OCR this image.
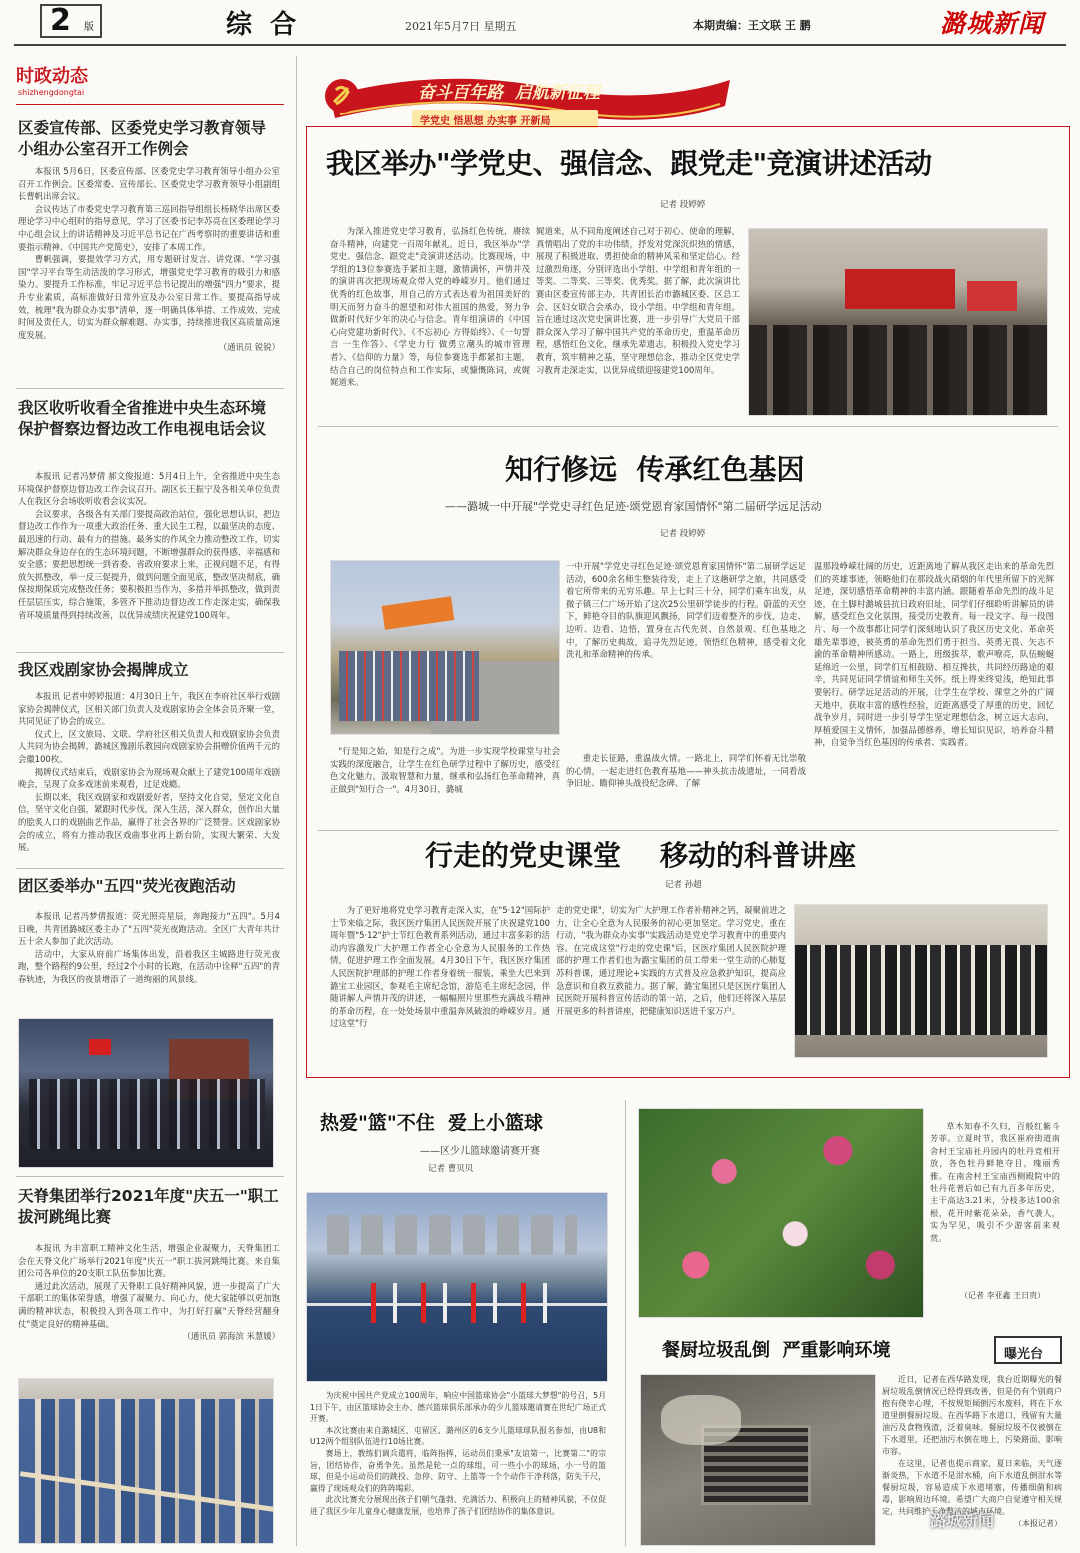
2 版	综  合	2021年5月7日 星期五	本期责编：王文联 王 鹏	潞城新闻
时政动态
shizhengdongtai
区委宣传部、区委党史学习教育领导小组办公室召开工作例会

本报讯 5月6日，区委宣传部、区委党史学习教育领导小组办公室召开工作例会。区委常委、宣传部长、区委党史学习教育领导小组副组长曹帆出席会议。

会议传达了市委党史学习教育第三巡回指导组组长杨晓华出席区委理论学习中心组时的指导意见，学习了区委书记李苏亮在区委理论学习中心组会议上的讲话精神及习近平总书记在广西考察时的重要讲话和重要指示精神、《中国共产党简史》，安排了本周工作。

曹帆强调，要提效学习方式，用专题研讨发言、讲党课、"学习强国"学习平台等生动活泼的学习形式，增强党史学习教育的吸引力和感染力。要提升工作标准，牢记习近平总书记提出的增强"四力"要求，提升专业素质，高标准做好日常外宣及办公室日常工作。要提高指导成效，梳理"我为群众办实事"清单，逐一明确具体举措、工作成效、完成时间及责任人，切实为群众解难题、办实事，持续推进我区高质量高速度发展。

（通讯员 锐锐）

我区收听收看全省推进中央生态环境保护督察边督边改工作电视电话会议

本报讯 记者冯梦倩 郝文俊报道：5月4日上午，全省推进中央生态环境保护督察边督边改工作会议召开。副区长王振宁及各相关单位负责人在我区分会场收听收看会议实况。

会议要求，各级各有关部门要提高政治站位，强化思想认识，把边督边改工作作为一项重大政治任务、重大民生工程，以最坚决的态度、最迅速的行动、最有力的措施、最务实的作风全力推动整改工作，切实解决群众身边存在的生态环境问题，不断增强群众的获得感、幸福感和安全感；要把思想统一到省委、省政府要求上来，正视问题不足，有得放矢抓整改，举一反三促提升，做到问题全面见底，整改坚决彻底，确保按期保质完成整改任务；要积极担当作为，多措并举抓整改，做到责任层层压实，综合施策，多管齐下推动边督边改工作走深走实，确保我省环境质量得到持续改善，以优异成绩庆祝建党100周年。

我区戏剧家协会揭牌成立

本报讯 记者申婷婷报道：4月30日上午，我区在李府社区举行戏剧家协会揭牌仪式，区相关部门负责人及戏剧家协会全体会员齐聚一堂，共同见证了协会的成立。

仪式上，区文旅局、文联、学府社区相关负责人和戏剧家协会负责人共同为协会揭牌，潞城区豫剧乐教园向戏剧家协会捐赠价值两千元的会徽100枚。

揭牌仪式结束后，戏剧家协会为现场观众献上了建党100周年戏剧晚会，呈现了众多戏迷前来观看，过足戏瘾。

长期以来，我区戏剧家和戏剧爱好者，坚持文化自觉，坚定文化自信，坚守文化自强，紧跟时代步伐，深入生活，深入群众，创作出大量的脍炙人口的戏剧曲艺作品，赢得了社会各界的广泛赞誉。区戏剧家协会的成立，将有力推动我区戏曲事业再上新台阶，实现大繁荣、大发展。

团区委举办"五四"荧光夜跑活动

本报讯 记者冯梦倩报道：荧光照亮星辰，奔跑接力"五四"。5月4日晚，共青团潞城区委主办了"五四"荧光夜跑活动。全区广大青年共计五十余人参加了此次活动。

活动中，大家从府前广场集体出发，沿着我区主城路进行荧光夜跑，整个路程约9公里，经过2个小时的长跑，在活动中诠释"五四"的青春轨迹，为我区的夜景增添了一道绚丽的风景线。

天脊集团举行2021年度"庆五一"职工拔河跳绳比赛

本报讯 为丰富职工精神文化生活，增强企业凝聚力，天脊集团工会在天脊文化广场举行2021年度"庆五一"职工拔河跳绳比赛。来自集团公司各单位的20支职工队伍参加比赛。

通过此次活动，展现了天脊职工良好精神风貌，进一步提高了广大干部职工的集体荣誉感，增强了凝聚力、向心力，使大家能够以更加饱满的精神状态，积极投入到各项工作中，为打好打赢"天脊经营翻身仗"奠定良好的精神基础。

（通讯员 郭海滨 米慧媛）

奋斗百年路  启航新征程
学党史 悟思想 办实事 开新局
我区举办"学党史、强信念、跟党走"竞演讲述活动
记者 段婷婷
为深入推进党史学习教育，弘扬红色传统，赓续奋斗精神，向建党一百周年献礼。近日，我区举办"学党史、强信念、跟党走"竞演讲述活动。比赛现场，中学组的13位参赛选手紧扣主题，激情满怀，声情并茂的演讲再次把现场观众带入党的峥嵘岁月。他们通过优秀的红色故事，用自己的方式表达着为祖国美好的明天而努力奋斗的愿望和对伟大祖国的热爱，努力争做新时代好少年的决心与信念。青年组演讲的《中国心向党建功新时代》、《不忘初心 方得始终》、《一句誓言 一生作答》、《学史力行 做勇立潮头的城市管理者》、《信仰的力量》等，每位参赛选手都紧扣主题，结合自己的岗位特点和工作实际，或慷慨陈词，或娓娓道来。
娓道来，从不同角度阐述自己对于初心、使命的理解，真情唱出了党的丰功伟绩，抒发对党深沉炽热的情感，展现了积极进取、勇担使命的精神风采和坚定信心。经过激烈角逐，分别评选出小学组、中学组和青年组的一等奖、二等奖、三等奖、优秀奖。据了解，此次演讲比赛由区委宣传部主办，共青团长治市潞城区委、区总工会、区妇女联合会承办，设小学组、中学组和青年组。旨在通过这次党史演讲比赛，进一步引导广大党员干部群众深入学习了解中国共产党的革命历史，重温革命历程，感悟红色文化，继承先辈遗志，积极投入党史学习教育，筑牢精神之基，坚守理想信念，推动全区党史学习教育走深走实，以优异成绩迎接建党100周年。
知行修远  传承红色基因
——潞城一中开展"学党史寻红色足迹·颂党恩育家国情怀"第二届研学远足活动
记者 段婷婷
一中开展"学党史寻红色足迹·颂党恩育家国情怀"第二届研学远足活动，600余名师生整装待发，走上了这趟研学之旅，共同感受着它所带来的无穷乐趣。早上七时三十分，同学们乘车出发，从微子镇三仁广场开始了这次25公里研学徒步的行程。蔚蓝的天空下，鲜艳夺目的队旗迎风飘扬，同学们迈着整齐的步伐，边走、边听、边看、边悟，置身在古代先贤、自然景观、红色基地之中，了解历史典故，追寻先烈足迹，领悟红色精神，感受着文化洗礼和革命精神的传承。
"行是知之始，知是行之成"。为进一步实现学校课堂与社会实践的深度融合，让学生在红色研学过程中了解历史，感受红色文化魅力，汲取智慧和力量，继承和弘扬红色革命精神，真正做到"知行合一"。4月30日，潞城
重走长征路，重温战火情。一路北上，同学们怀着无比崇敬的心情，一起走进红色教育基地——神头抗击战遗址，一同看战争旧址、瞻仰神头战役纪念碑、了解
温那段峥嵘壮阔的历史，近距离地了解从我区走出来的革命先烈们的英雄事迹，领略他们在那段战火硝烟的年代里所留下的光辉足迹，深切感悟革命精神的丰富内涵。跟随着革命先烈的战斗足迹，在土脚村潞城县抗日政府旧址，同学们仔细聆听讲解员的讲解，感受红色文化氛围，接受历史教育。每一段文字、每一段图片、每一个故事都让同学们深刻地认识了我区历史文化、革命英雄先辈事迹，被英勇的革命先烈们勇于担当、英勇无畏、矢志不渝的革命精神所感动。一路上，班级拔萃，歌声嘹亮，队伍蜿蜒延绵近一公里，同学们互相鼓励、相互搀扶，共同经历路途的艰辛，共同见证同学情谊和师生关怀。纸上得来终觉浅，绝知此事要躬行。研学远足活动的开展，让学生在学校、课堂之外的广阔天地中，获取丰富的感性经验，近距离感受了厚重的历史，回忆战争岁月，同时进一步引导学生坚定理想信念，树立远大志向，厚植爱国主义情怀，加强品德修养，增长知识见识，培养奋斗精神，自觉争当红色基因的传承者、实践者。
行走的党史课堂    移动的科普讲座
记者 孙超
为了更好地将党史学习教育走深入实，在"5·12"国际护士节来临之际，我区医疗集团人民医院开展了庆祝建党100周年暨"5·12"护士节红色教育系列活动，通过丰富多彩的活动内容激发广大护理工作者全心全意为人民服务的工作热情，促进护理工作全面发展。4月30日下午，我区医疗集团人民医院护理部的护理工作者身着统一服装，乘坐大巴来到潞宝工业园区，参观毛主席纪念馆，游览毛主席纪念园，伴随讲解人声情并茂的讲述，一幅幅照片里那些充满战斗精神的革命历程，在一处处场景中重温奔风破浪的峥嵘岁月。通过这堂"行
走的党史课"，切实为广大护理工作者补精神之钙，凝聚前进之力，让全心全意为人民服务的初心更加坚定。学习党史，重在行动，"我为群众办实事"实践活动是党史学习教育中的重要内容。在完成这堂"行走的党史课"后，区医疗集团人民医院护理部的护理工作者们也为潞宝集团的员工带来一堂生动的心肺复苏科普课，通过理论+实践的方式普及应急救护知识，提高应急意识和自救互救能力。据了解，潞宝集团只是区医疗集团人民医院开展科普宣传活动的第一站，之后，他们还将深入基层开展更多的科普讲座，把健康知识送进千家万户。
热爱"篮"不住  爱上小篮球
——区少儿篮球邀请赛开赛
记者 曹贝贝

为庆祝中国共产党成立100周年，响应中国篮球协会"小篮球大梦想"的号召，5月1日下午，由区篮球协会主办、德兴篮球俱乐部承办的少儿篮球邀请赛在世纪广场正式开赛。

本次比赛由来自潞城区、屯留区、潞州区的6支少儿篮球球队报名参加，由U8和U12两个组别队伍进行10场比赛。

赛场上，教练们调兵遣将，临阵指挥，运动员们秉承"友谊第一，比赛第二"的宗旨，团结协作，奋勇争先。虽然是轮一点的球组，可一些小小的球场，小一号的篮球，但是小运动员们的跳投、急停、防守、上篮等一个个动作干净利落，防失干尺，赢得了现场观众们的阵阵喝彩。

此次比赛充分展现出孩子们朝气蓬勃、充满活力、积极向上的精神风貌，不仅促进了我区少年儿童身心健康发展，也培养了孩子们团结协作的集体意识。

草木知春不久归，百般红紫斗芳菲。立夏时节，我区崔府街道南舍村王宝庙社丹园内的牡丹竞相开放，各色牡丹鲜艳夺目，瑰丽秀雅。在南舍村王宝庙西侧殿院中的牡丹花普后如已有九百多年历史，主干高达3.21米，分枝多达100余根，花开时紫花朵朵，香气袭人，实为罕见，吸引不少游客前来观赏。

（记者 李亚鑫 王日贵）
餐厨垃圾乱倒  严重影响环境	曝光台

近日，记者在西华路发现，我台近期曝光的餐厨垃圾乱倒情况已经得到改善，但是仍有个别商户抱有侥幸心理，不按规矩倾倒污水废料，将在下水道里倒餐厨垃圾。在西华路下水道口，残留有大量油污及食物残渣，泛着臭味。餐厨垃圾不仅被倒在下水道里，还把油污水倒在地上，污染路面，影响市容。

在这里，记者也提示商家，夏日来临，天气逐渐炎热，下水道不是泔水桶，向下水道乱倒泔水等餐厨垃圾，容易造成下水道堵塞，传播细菌和病毒，影响周边环境。希望广大商户自觉遵守相关规定，共同维护干净整洁的城市环境。

（本报记者）

潞城新闻
